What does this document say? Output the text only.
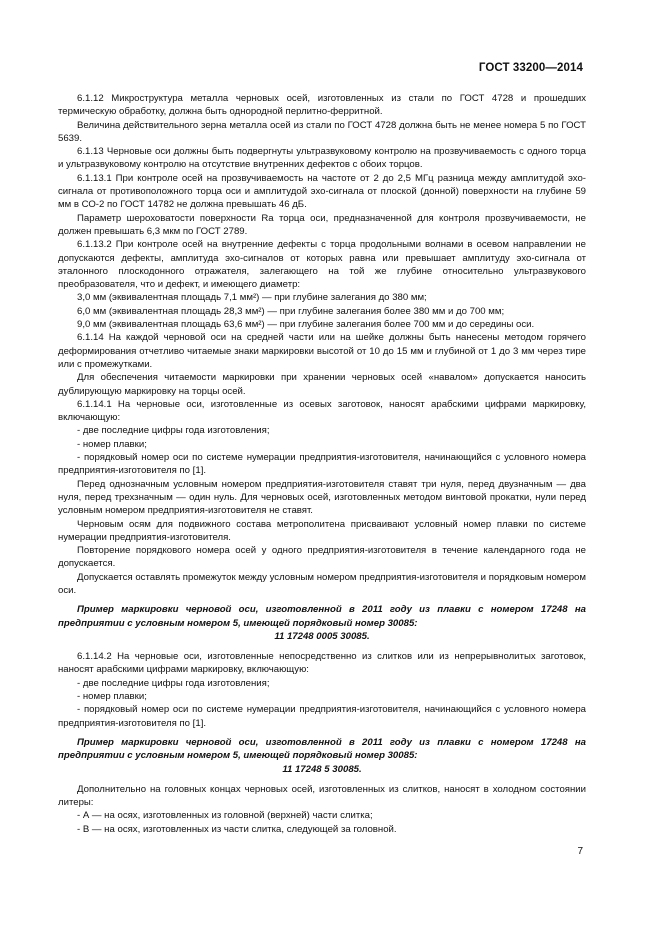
ГОСТ 33200—2014

6.1.12 Микроструктура металла черновых осей, изготовленных из стали по ГОСТ 4728 и прошедших термическую обработку, должна быть однородной перлитно-ферритной.

Величина действительного зерна металла осей из стали по ГОСТ 4728 должна быть не менее номера 5 по ГОСТ 5639.

6.1.13 Черновые оси должны быть подвергнуты ультразвуковому контролю на прозвучиваемость с одного торца и ультразвуковому контролю на отсутствие внутренних дефектов с обоих торцов.

6.1.13.1 При контроле осей на прозвучиваемость на частоте от 2 до 2,5 МГц разница между амплитудой эхо-сигнала от противоположного торца оси и амплитудой эхо-сигнала от плоской (донной) поверхности на глубине 59 мм в СО-2 по ГОСТ 14782 не должна превышать 46 дБ.

Параметр шероховатости поверхности Ra торца оси, предназначенной для контроля прозвучиваемости, не должен превышать 6,3 мкм по ГОСТ 2789.

6.1.13.2 При контроле осей на внутренние дефекты с торца продольными волнами в осевом направлении не допускаются дефекты, амплитуда эхо-сигналов от которых равна или превышает амплитуду эхо-сигнала от эталонного плоскодонного отражателя, залегающего на той же глубине относительно ультразвукового преобразователя, что и дефект, и имеющего диаметр:

3,0 мм (эквивалентная площадь 7,1 мм²) — при глубине залегания до 380 мм;

6,0 мм (эквивалентная площадь 28,3 мм²) — при глубине залегания более 380 мм и до 700 мм;

9,0 мм (эквивалентная площадь 63,6 мм²) — при глубине залегания более 700 мм и до середины оси.

6.1.14 На каждой черновой оси на средней части или на шейке должны быть нанесены методом горячего деформирования отчетливо читаемые знаки маркировки высотой от 10 до 15 мм и глубиной от 1 до 3 мм через тире или с промежутками.

Для обеспечения читаемости маркировки при хранении черновых осей «навалом» допускается наносить дублирующую маркировку на торцы осей.

6.1.14.1 На черновые оси, изготовленные из осевых заготовок, наносят арабскими цифрами маркировку, включающую:

- две последние цифры года изготовления;

- номер плавки;

- порядковый номер оси по системе нумерации предприятия-изготовителя, начинающийся с условного номера предприятия-изготовителя по [1].

Перед однозначным условным номером предприятия-изготовителя ставят три нуля, перед двузначным — два нуля, перед трехзначным — один нуль. Для черновых осей, изготовленных методом винтовой прокатки, нули перед условным номером предприятия-изготовителя не ставят.

Черновым осям для подвижного состава метрополитена присваивают условный номер плавки по системе нумерации предприятия-изготовителя.

Повторение порядкового номера осей у одного предприятия-изготовителя в течение календарного года не допускается.

Допускается оставлять промежуток между условным номером предприятия-изготовителя и порядковым номером оси.

Пример маркировки черновой оси, изготовленной в 2011 году из плавки с номером 17248 на предприятии с условным номером 5, имеющей порядковый номер 30085:

11 17248 0005 30085.

6.1.14.2 На черновые оси, изготовленные непосредственно из слитков или из непрерывнолитых заготовок, наносят арабскими цифрами маркировку, включающую:

- две последние цифры года изготовления;

- номер плавки;

- порядковый номер оси по системе нумерации предприятия-изготовителя, начинающийся с условного номера предприятия-изготовителя по [1].

Пример маркировки черновой оси, изготовленной в 2011 году из плавки с номером 17248 на предприятии с условным номером 5, имеющей порядковый номер 30085:

11 17248 5 30085.

Дополнительно на головных концах черновых осей, изготовленных из слитков, наносят в холодном состоянии литеры:

- А — на осях, изготовленных из головной (верхней) части слитка;

- В — на осях, изготовленных из части слитка, следующей за головной.

7
